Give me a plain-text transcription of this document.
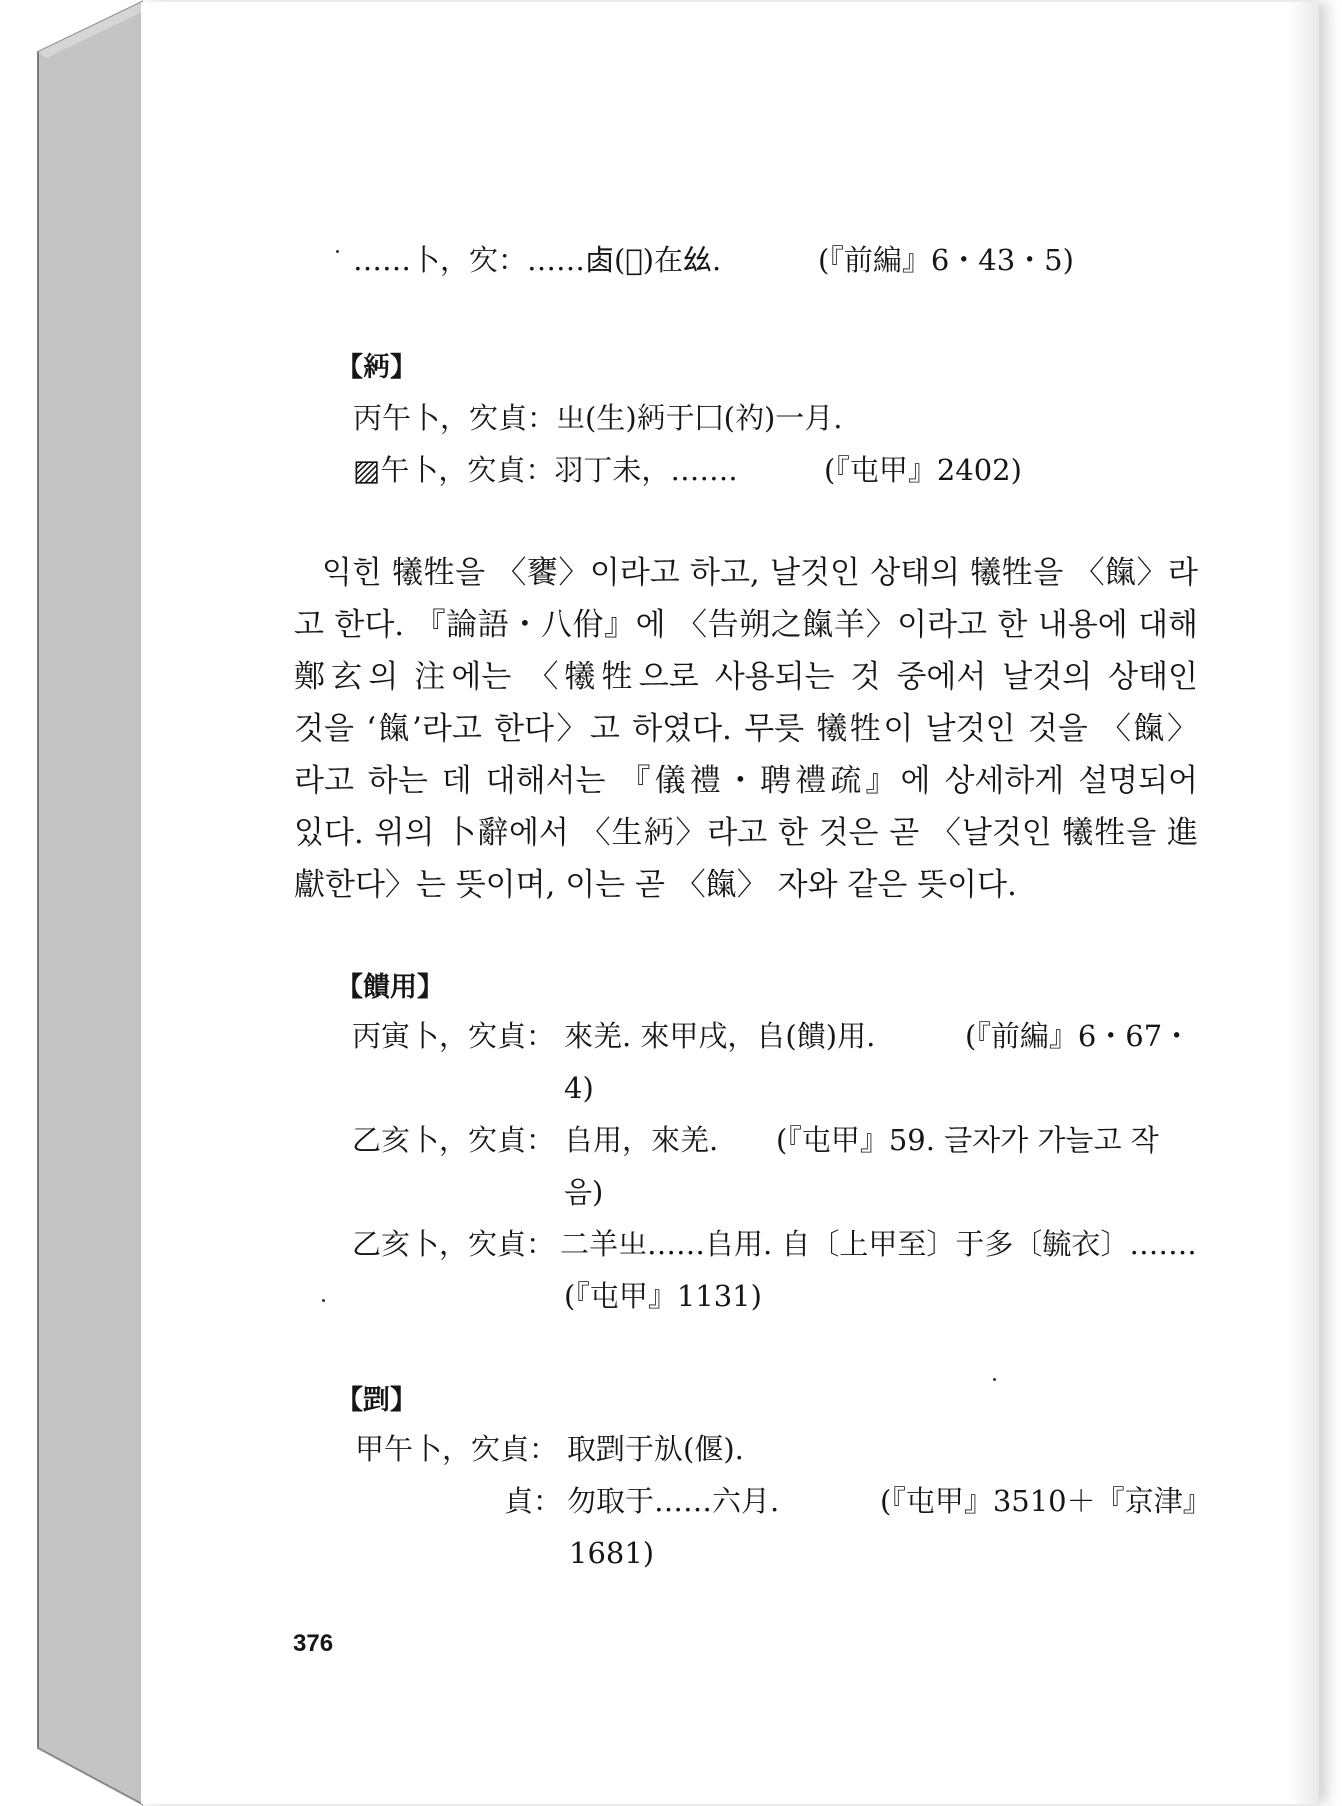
……卜，㝌：……𠧪(𦍠)在𢆶.	(『前編』6・43・5)
【𥾝】
丙午卜，㝌貞：㞢(生)𥾝于囗(礿)一月.
▨午卜，㝌貞：羽丁未，…….	(『屯甲』2402)
익힌 犧牲을 〈饔〉이라고 하고, 날것인 상태의 犧牲을 〈餼〉라
고 한다. 『論語・八佾』에 〈告朔之餼羊〉이라고 한 내용에 대해
鄭玄의 注에는 〈犧牲으로 사용되는 것 중에서 날것의 상태인
것을 ‘餼’라고 한다〉고 하였다. 무릇 犧牲이 날것인 것을 〈餼〉
라고 하는 데 대해서는 『儀禮・聘禮疏』에 상세하게 설명되어
있다. 위의 卜辭에서 〈生𥾝〉라고 한 것은 곧 〈날것인 犧牲을 進
獻한다〉는 뜻이며, 이는 곧 〈餼〉 자와 같은 뜻이다.
【饋用】
丙寅卜，㝌貞： 來羌. 來甲戌，𠂤(饋)用.	(『前編』6・67・
4)
乙亥卜，㝌貞： 𠂤用，來羌. (『屯甲』59. 글자가 가늘고 작
음)
乙亥卜，㝌貞： 二羊㞢……𠂤用. 自〔上甲至〕于多〔毓衣〕…….
(『屯甲』1131)
【㓻】
甲午卜，㝌貞： 取㓻于㫃(偃).
貞： 勿取于……六月.	(『屯甲』3510＋『京津』
1681)
376
